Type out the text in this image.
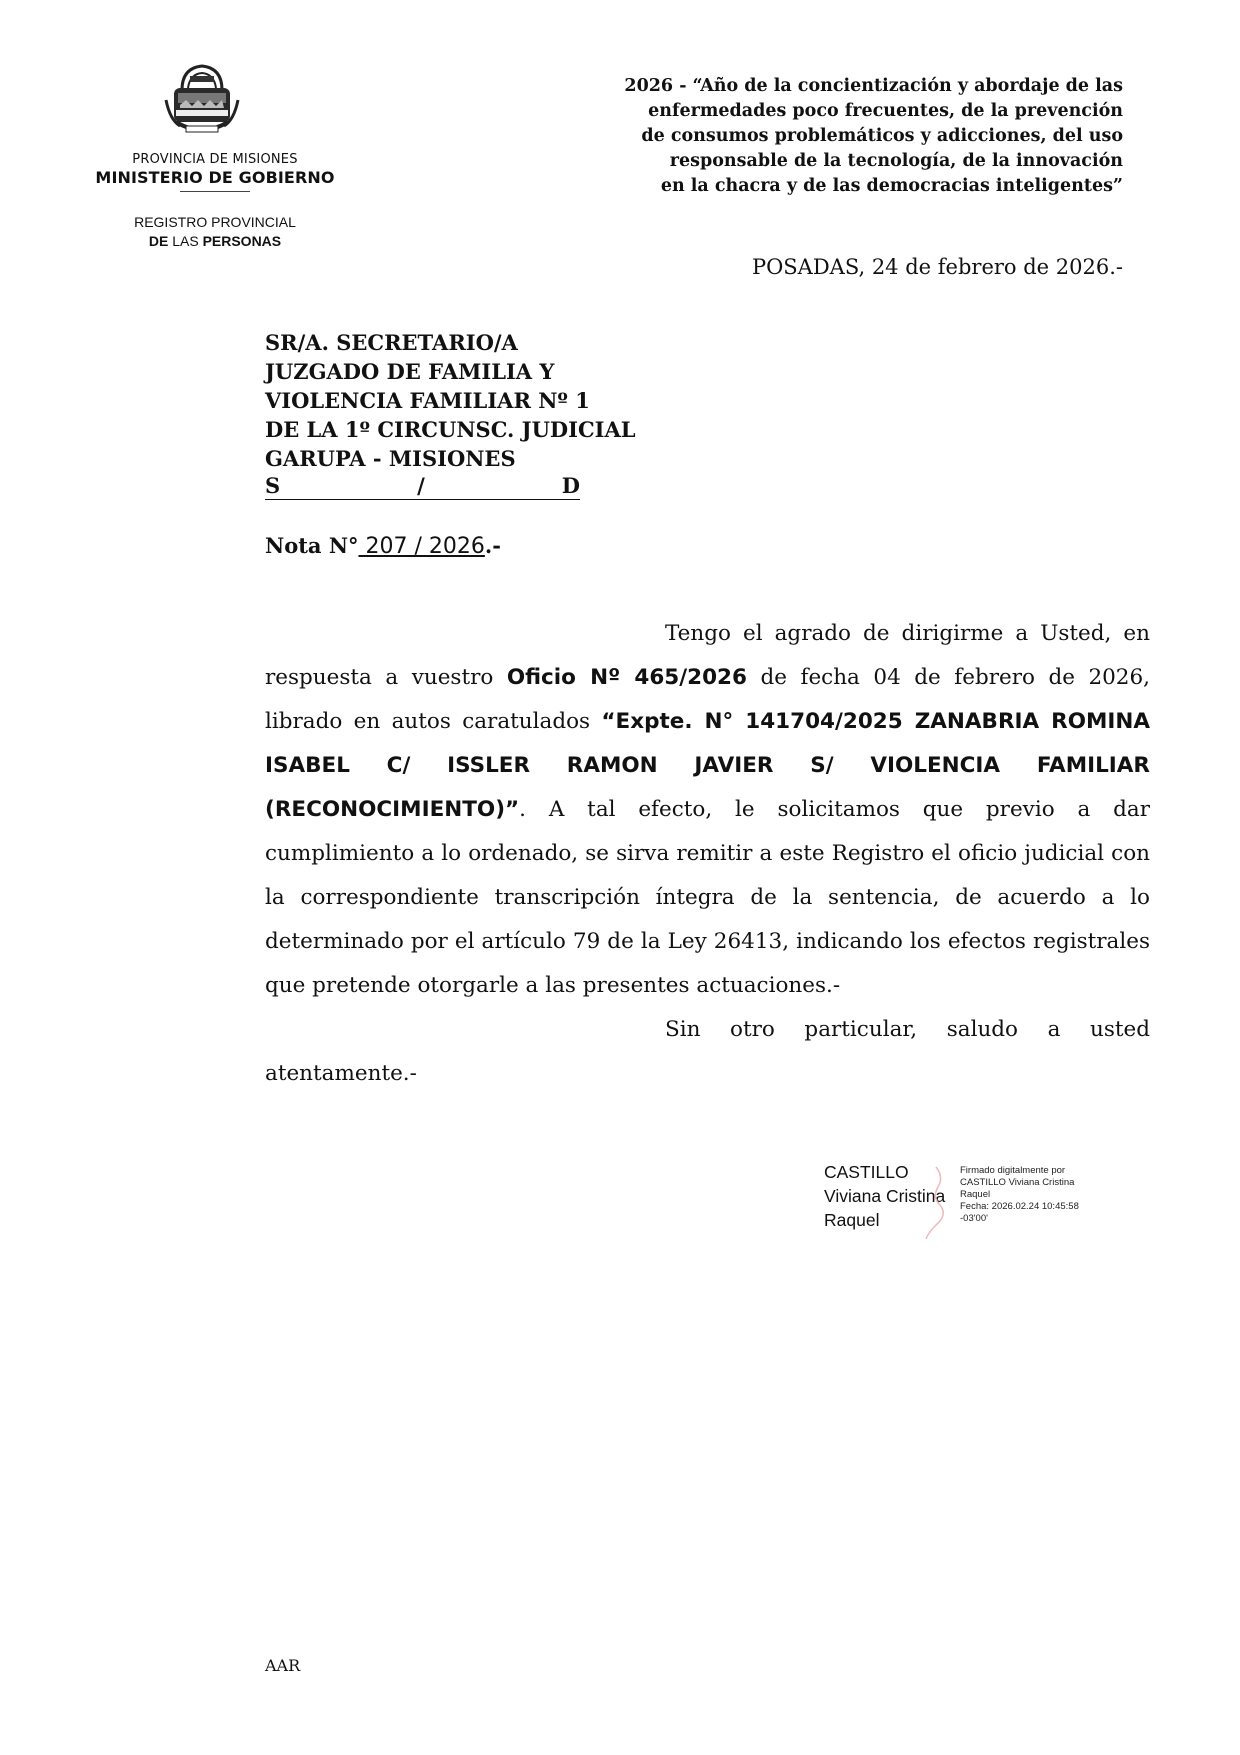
PROVINCIA DE MISIONES
MINISTERIO DE GOBIERNO
REGISTRO PROVINCIAL
DE LAS PERSONAS
2026 - “Año de la concientización y abordaje de las
enfermedades poco frecuentes, de la prevención
de consumos problemáticos y adicciones, del uso
responsable de la tecnología, de la innovación
en la chacra y de las democracias inteligentes”
POSADAS, 24 de febrero de 2026.-
SR/A. SECRETARIO/A
JUZGADO DE FAMILIA Y
VIOLENCIA FAMILIAR Nº 1
DE LA 1º CIRCUNSC. JUDICIAL
GARUPA - MISIONES
S	/	D
Nota N° 207 / 2026.-

Tengo el agrado de dirigirme a Usted, en respuesta a vuestro Oficio Nº 465/2026 de fecha 04 de febrero de 2026, librado en autos caratulados “Expte. N° 141704/2025 ZANABRIA ROMINA ISABEL C/ ISSLER RAMON JAVIER S/ VIOLENCIA FAMILIAR (RECONOCIMIENTO)”. A tal efecto, le solicitamos que previo a dar cumplimiento a lo ordenado, se sirva remitir a este Registro el oficio judicial con la correspondiente transcripción íntegra de la sentencia, de acuerdo a lo determinado por el artículo 79 de la Ley 26413, indicando los efectos registrales que pretende otorgarle a las presentes actuaciones.-

Sin otro particular, saludo a usted atentamente.-

CASTILLO
Viviana Cristina
Raquel
Firmado digitalmente por
CASTILLO Viviana Cristina
Raquel
Fecha: 2026.02.24 10:45:58
-03'00'
AAR
